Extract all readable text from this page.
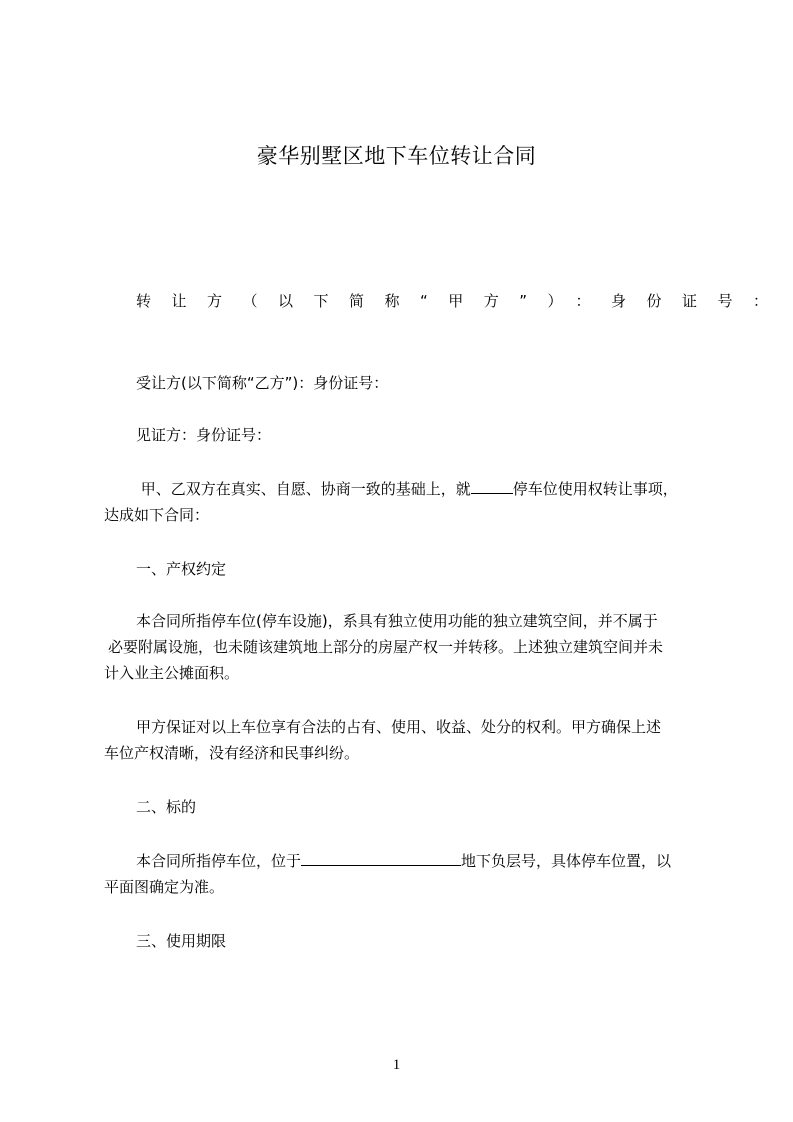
豪华别墅区地下车位转让合同

转让方（以下简称“甲方”）：身份证号：

受让方(以下简称“乙方”)：身份证号：

见证方：身份证号：

甲、乙双方在真实、自愿、协商一致的基础上，就	停车位使用权转让事项，

达成如下合同：

一、产权约定

本合同所指停车位(停车设施)，系具有独立使用功能的独立建筑空间，并不属于

必要附属设施，也未随该建筑地上部分的房屋产权一并转移。上述独立建筑空间并未

计入业主公摊面积。

甲方保证对以上车位享有合法的占有、使用、收益、处分的权利。甲方确保上述

车位产权清晰，没有经济和民事纠纷。

二、标的

本合同所指停车位，位于	地下负层号，具体停车位置，以

平面图确定为准。

三、使用期限

1
